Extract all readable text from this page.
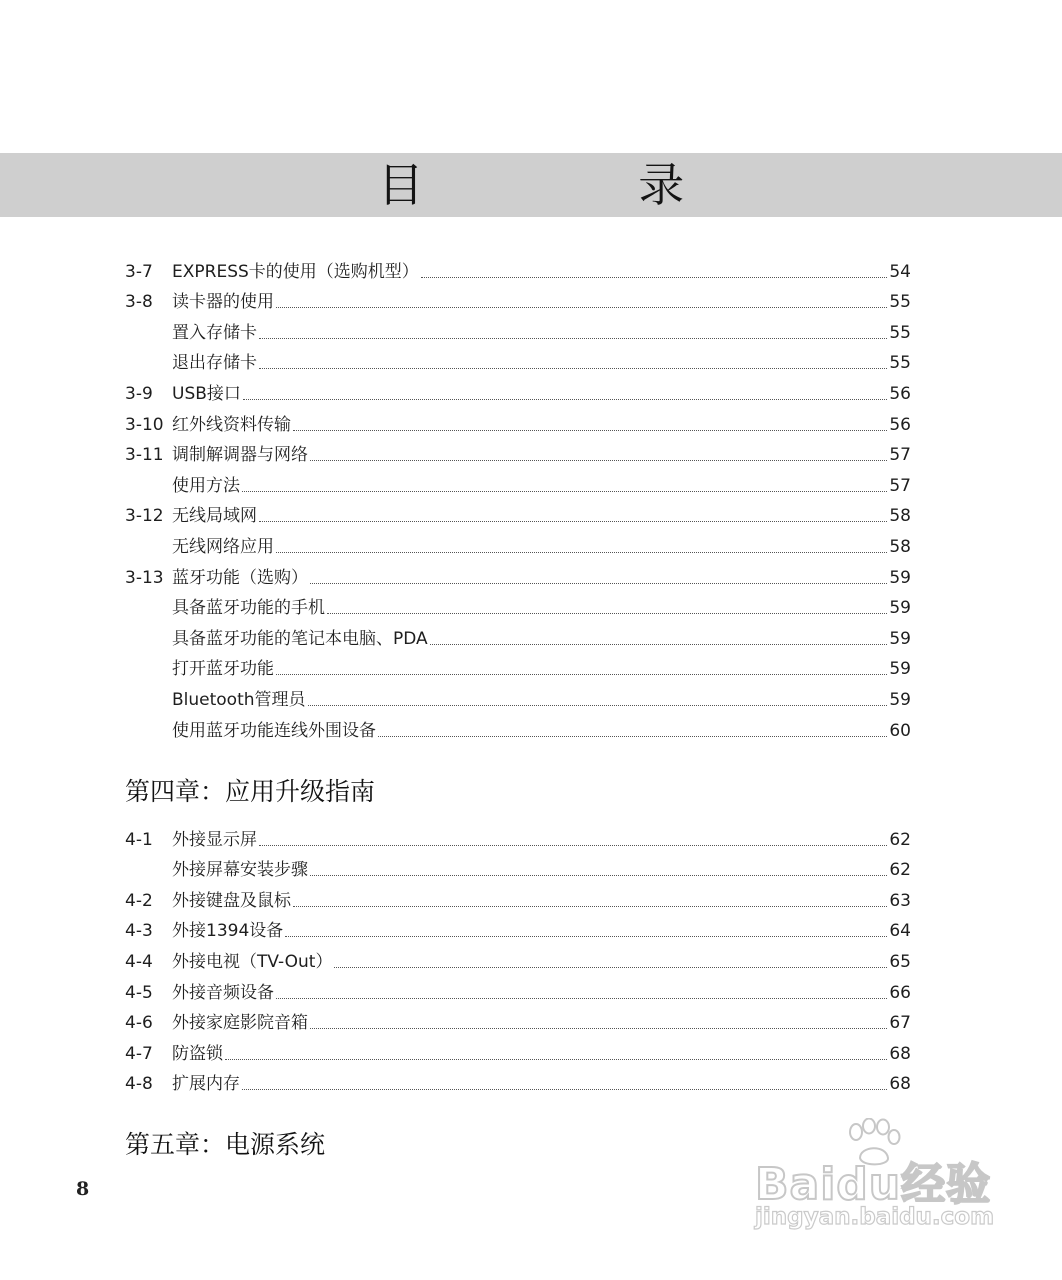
目 录
3-7	EXPRESS卡的使用（选购机型）	54
3-8	读卡器的使用	55
置入存储卡	55
退出存储卡	55
3-9	USB接口	56
3-10 红外线资料传输	56
3-11 调制解调器与网络	57
使用方法	57
3-12 无线局域网	58
无线网络应用	58
3-13 蓝牙功能（选购）	59
具备蓝牙功能的手机	59
具备蓝牙功能的笔记本电脑、PDA	59
打开蓝牙功能	59
Bluetooth管理员	59
使用蓝牙功能连线外围设备	60
第四章：应用升级指南
4-1	外接显示屏	62
外接屏幕安装步骤	62
4-2	外接键盘及鼠标	63
4-3	外接1394设备	64
4-4	外接电视（TV-Out）	65
4-5	外接音频设备	66
4-6	外接家庭影院音箱	67
4-7	防盗锁	68
4-8	扩展内存	68
第五章：电源系统
8	Baidu经验
jingyan.baidu.com
